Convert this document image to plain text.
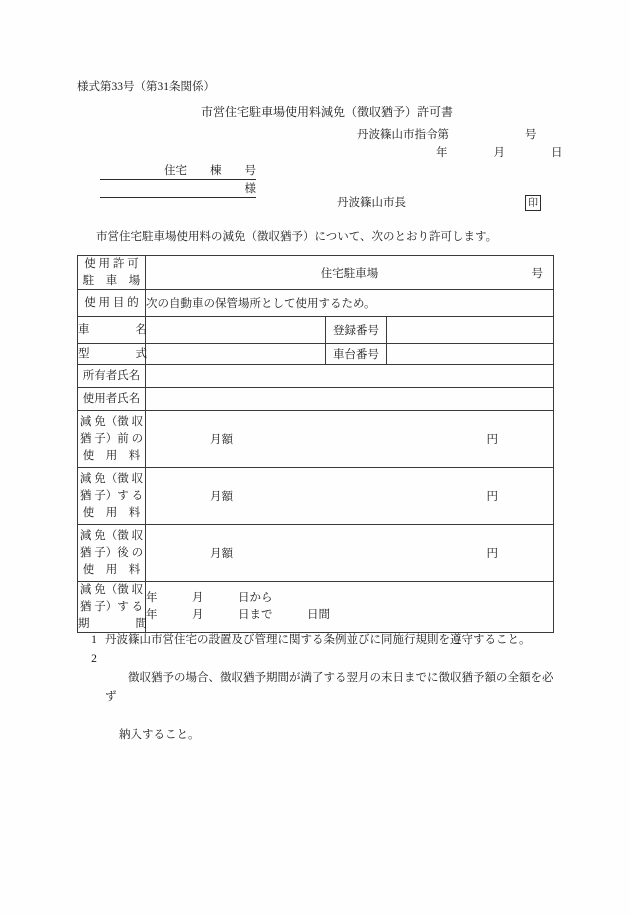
様式第33号（第31条関係）
市営住宅駐車場使用料減免（徴収猶予）許可書
丹波篠山市指令第	号
年　　　　月　　　　日
住宅　　棟　　号
様
丹波篠山市長	印
市営住宅駐車場使用料の減免（徴収猶予）について、次のとおり許可します。
使 用 許 可
駐　車　場	住宅駐車場 号		

使 用 目 的	次の自動車の保管場所として使用するため。		

車　　　　名		登録番号	

型　　　　式		車台番号	

所有者氏名			

使用者氏名			

減 免（徴 収
猶 子）前 の
使　用　料	月額 円		

減 免（徴 収
猶 子）す る
使　用　料	月額 円		

減 免（徴 収
猶 子）後 の
使　用　料	月額 円		

減 免（徴 収
猶 子）す る
期　　　　間

年　　　月　　　日から
年　　　月　　　日まで　　　日間
1 丹波篠山市営住宅の設置及び管理に関する条例並びに同施行規則を遵守すること。
2

徴収猶予の場合、徴収猶予期間が満了する翌月の末日までに徴収猶予額の全額を必ず

納入すること。
